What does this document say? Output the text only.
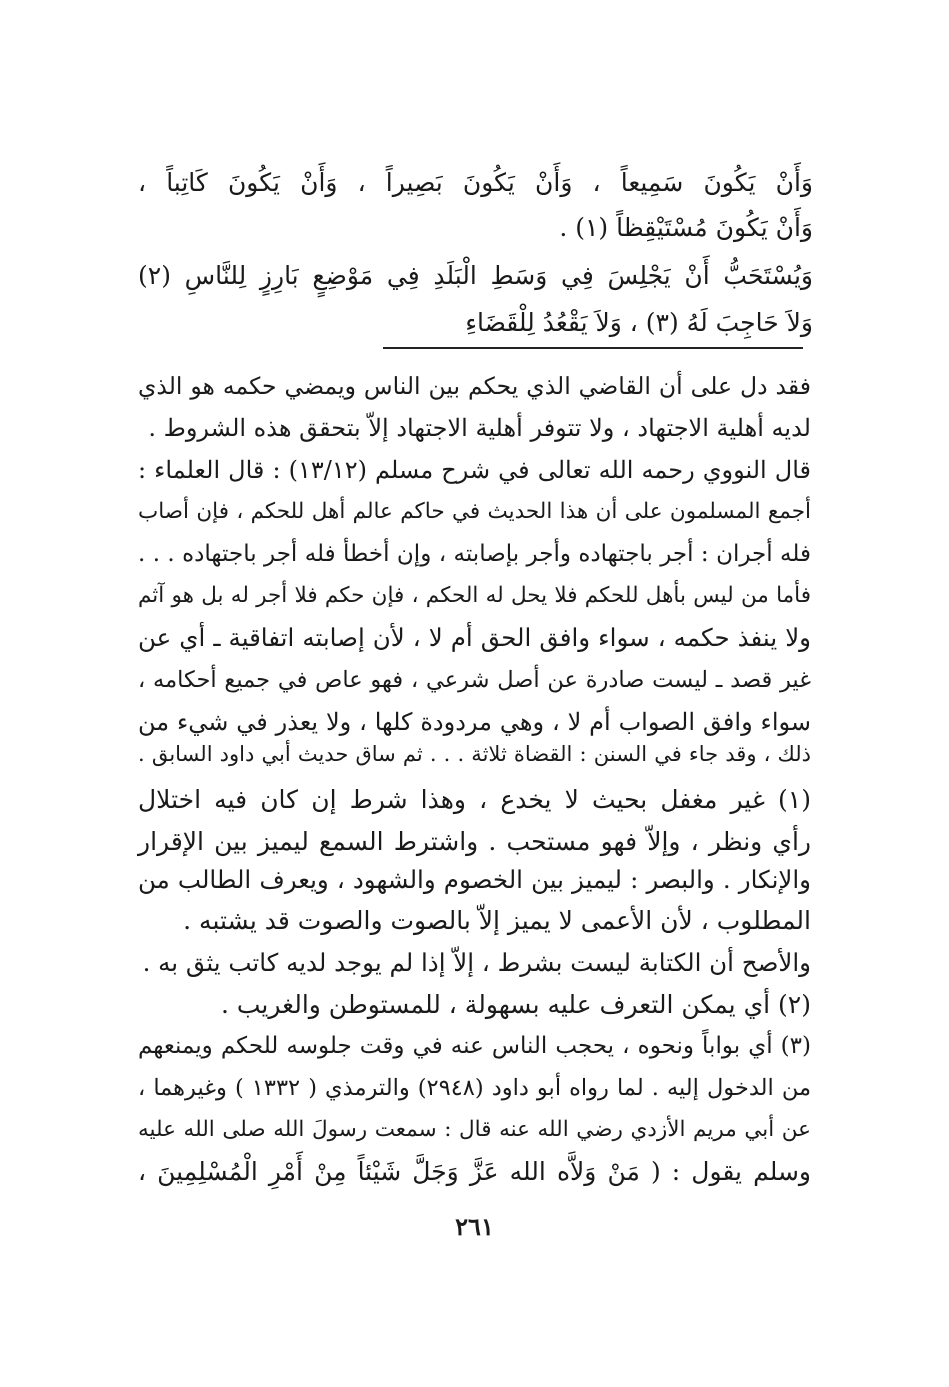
وَأَنْ يَكُونَ سَمِيعاً ، وَأَنْ يَكُونَ بَصِيراً ، وَأَنْ يَكُونَ كَاتِباً ،
وَأَنْ يَكُونَ مُسْتَيْقِظاً (١) .
وَيُسْتَحَبُّ أَنْ يَجْلِسَ فِي وَسَطِ الْبَلَدِ فِي مَوْضِعٍ بَارِزٍ لِلنَّاسِ (٢)
وَلاَ حَاجِبَ لَهُ (٣) ، وَلاَ يَقْعُدُ لِلْقَضَاءِ
فقد دل على أن القاضي الذي يحكم بين الناس ويمضي حكمه هو الذي
لديه أهلية الاجتهاد ، ولا تتوفر أهلية الاجتهاد إلاّ بتحقق هذه الشروط .
قال النووي رحمه الله تعالى في شرح مسلم (١٣/١٢) : قال العلماء :
أجمع المسلمون على أن هذا الحديث في حاكم عالم أهل للحكم ، فإن أصاب
فله أجران : أجر باجتهاده وأجر بإصابته ، وإن أخطأ فله أجر باجتهاده . . .
فأما من ليس بأهل للحكم فلا يحل له الحكم ، فإن حكم فلا أجر له بل هو آثم
ولا ينفذ حكمه ، سواء وافق الحق أم لا ، لأن إصابته اتفاقية ـ أي عن
غير قصد ـ ليست صادرة عن أصل شرعي ، فهو عاص في جميع أحكامه ،
سواء وافق الصواب أم لا ، وهي مردودة كلها ، ولا يعذر في شيء من
ذلك ، وقد جاء في السنن : القضاة ثلاثة . . . ثم ساق حديث أبي داود السابق .
(١) غير مغفل بحيث لا يخدع ، وهذا شرط إن كان فيه اختلال
رأي ونظر ، وإلاّ فهو مستحب . واشترط السمع ليميز بين الإقرار
والإنكار . والبصر : ليميز بين الخصوم والشهود ، ويعرف الطالب من
المطلوب ، لأن الأعمى لا يميز إلاّ بالصوت والصوت قد يشتبه .
والأصح أن الكتابة ليست بشرط ، إلاّ إذا لم يوجد لديه كاتب يثق به .
(٢) أي يمكن التعرف عليه بسهولة ، للمستوطن والغريب .
(٣) أي بواباً ونحوه ، يحجب الناس عنه في وقت جلوسه للحكم ويمنعهم
من الدخول إليه . لما رواه أبو داود (٢٩٤٨) والترمذي ( ١٣٣٢ ) وغيرهما ،
عن أبي مريم الأزدي رضي الله عنه قال : سمعت رسولَ الله صلى الله عليه
وسلم يقول : ( مَنْ وَلاَّه الله عَزَّ وَجَلَّ شَيْئاً مِنْ أَمْرِ الْمُسْلِمِينَ ،
٢٦١
